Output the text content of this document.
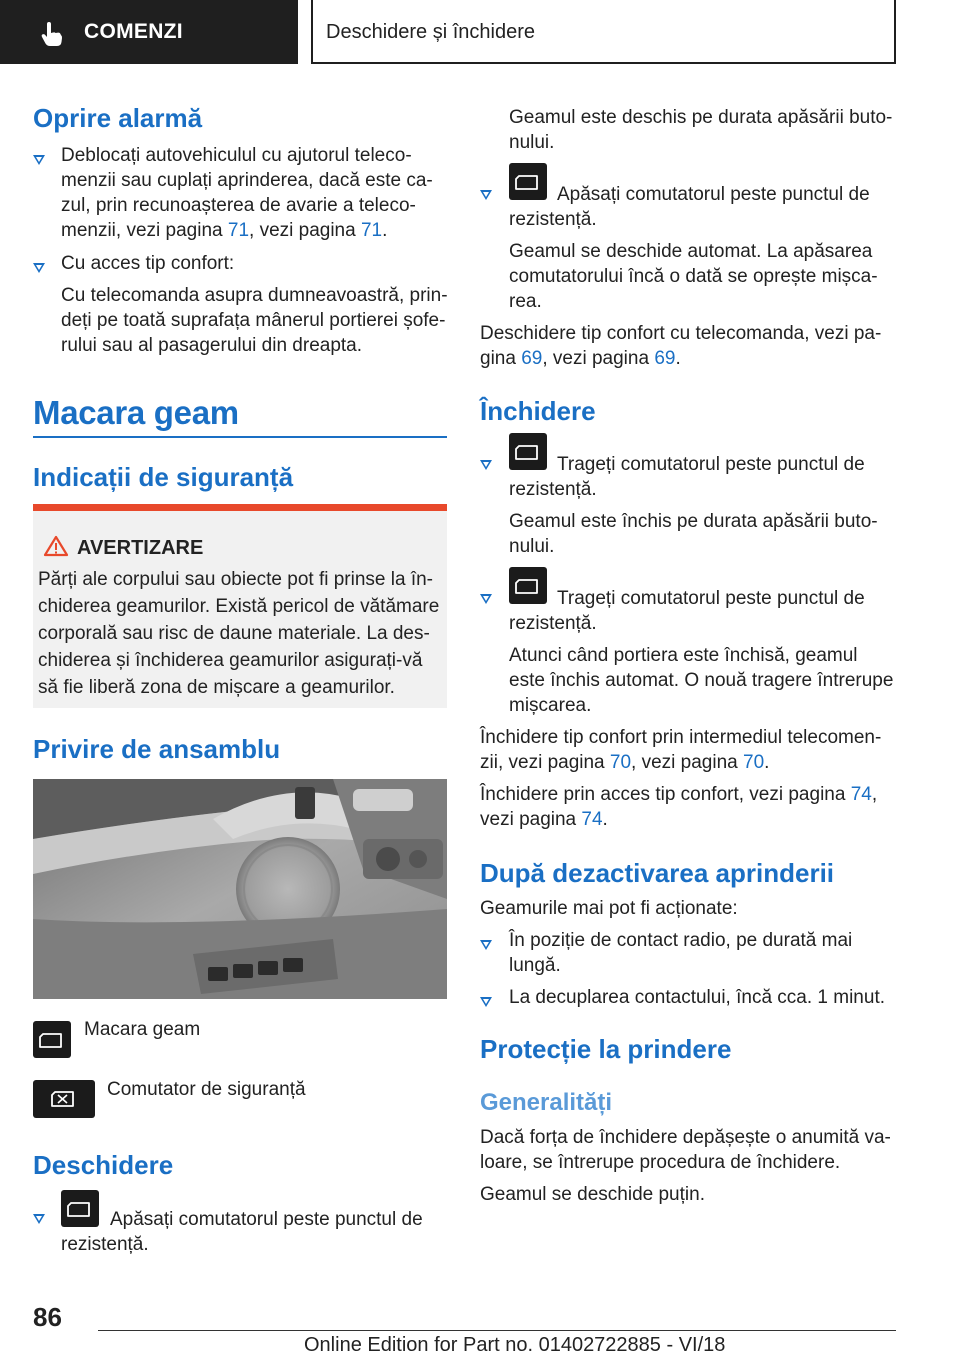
COMENZI	Deschidere și închidere
Oprire alarmă
Deblocați autovehiculul cu ajutorul teleco-
menzii sau cuplați aprinderea, dacă este ca-
zul, prin recunoașterea de avarie a teleco-
menzii, vezi pagina 71, vezi pagina 71.
Cu acces tip confort:
Cu telecomanda asupra dumneavoastră, prin-
deți pe toată suprafața mânerul portierei șofe-
rului sau al pasagerului din dreapta.
Macara geam
Indicații de siguranță
AVERTIZARE
Părți ale corpului sau obiecte pot fi prinse la în-
chiderea geamurilor. Există pericol de vătămare
corporală sau risc de daune materiale. La des-
chiderea și închiderea geamurilor asigurați-vă
să fie liberă zona de mișcare a geamurilor.
Privire de ansamblu
Macara geam
Comutator de siguranță
Deschidere
Apăsați comutatorul peste punctul de
rezistență.
Geamul este deschis pe durata apăsării buto-
nului.
Apăsați comutatorul peste punctul de
rezistență.
Geamul se deschide automat. La apăsarea
comutatorului încă o dată se oprește mișca-
rea.
Deschidere tip confort cu telecomanda, vezi pa-
gina 69, vezi pagina 69.
Închidere
Trageți comutatorul peste punctul de
rezistență.
Geamul este închis pe durata apăsării buto-
nului.
Trageți comutatorul peste punctul de
rezistență.
Atunci când portiera este închisă, geamul
este închis automat. O nouă tragere întrerupe
mișcarea.
Închidere tip confort prin intermediul telecomen-
zii, vezi pagina 70, vezi pagina 70.
Închidere prin acces tip confort, vezi pagina 74,
vezi pagina 74.
După dezactivarea aprinderii
Geamurile mai pot fi acționate:
În poziție de contact radio, pe durată mai
lungă.
La decuplarea contactului, încă cca. 1 minut.
Protecție la prindere
Generalități
Dacă forța de închidere depășește o anumită va-
loare, se întrerupe procedura de închidere.
Geamul se deschide puțin.
86
Online Edition for Part no. 01402722885 - VI/18
